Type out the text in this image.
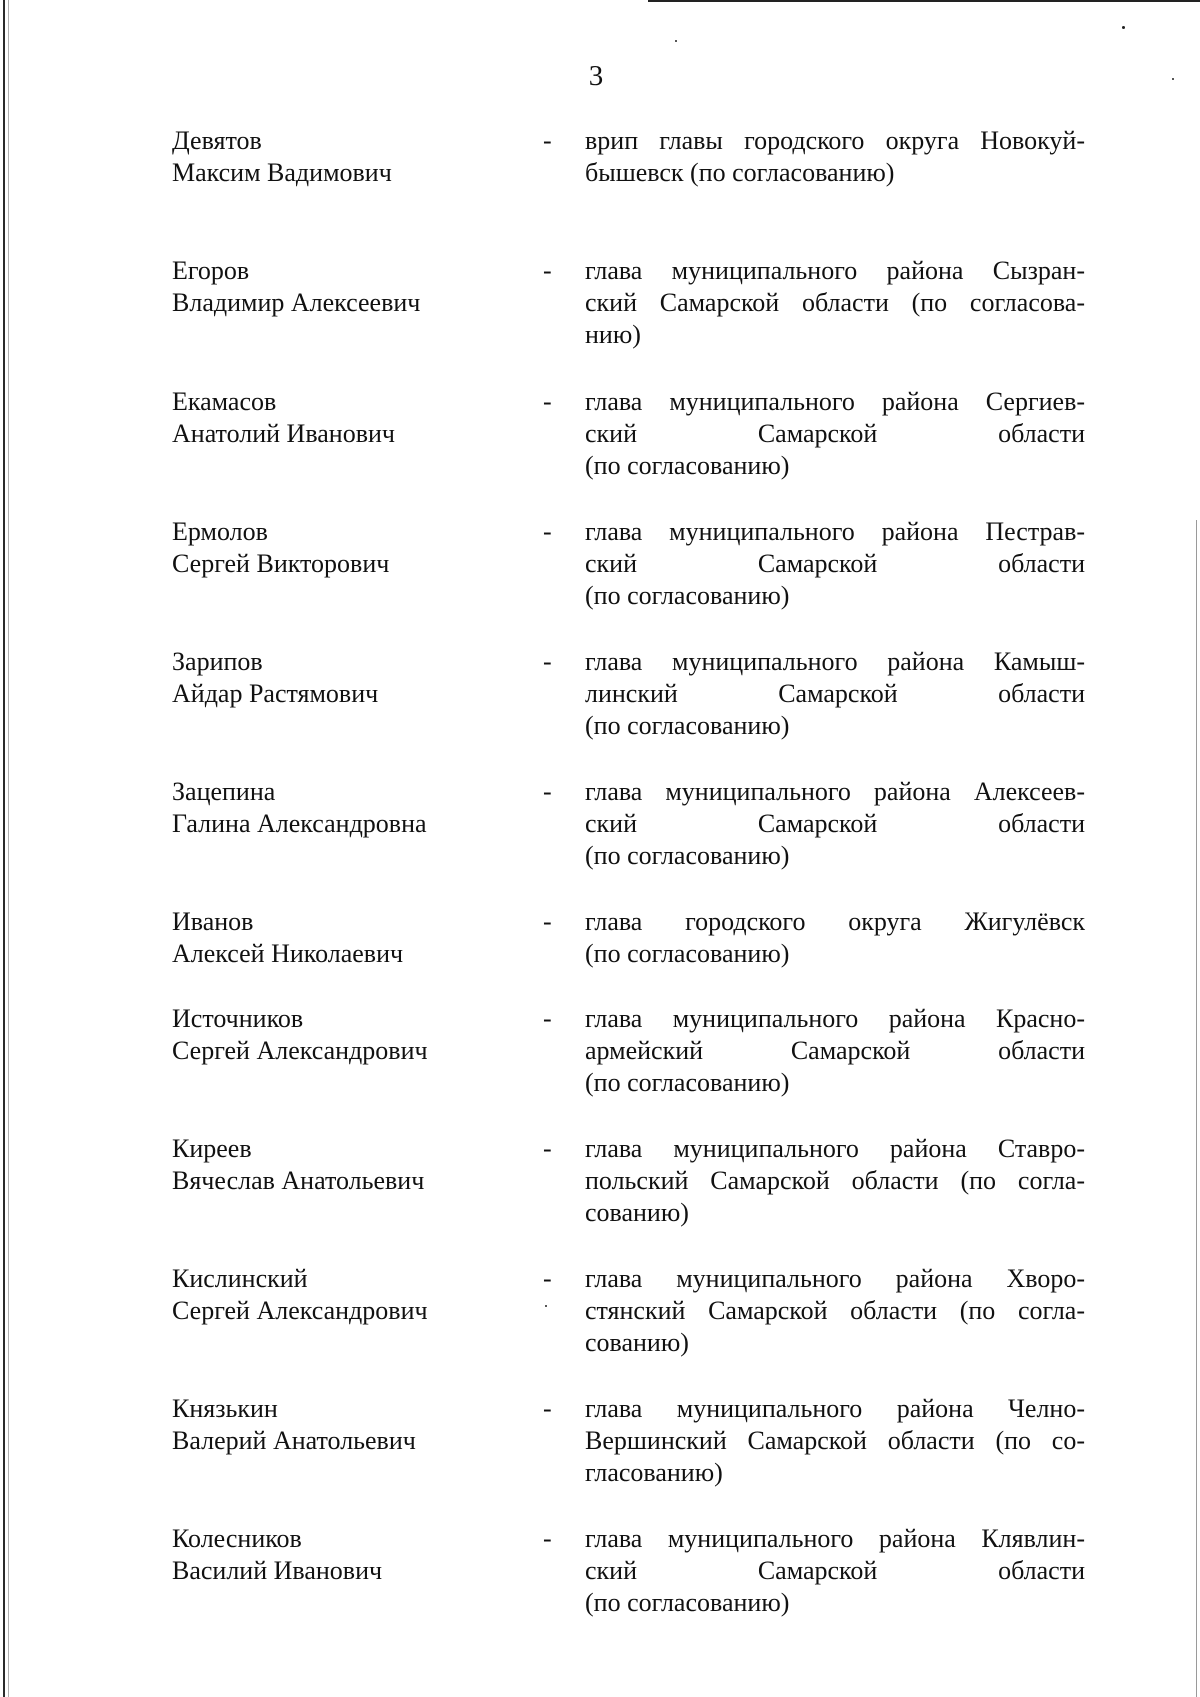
3
Девятов
Максим Вадимович
- врип главы городского округа Новокуй-
бышевск (по согласованию)
Егоров
Владимир Алексеевич
- глава муниципального района Сызран-
ский Самарской области (по согласова-
нию)
Екамасов
Анатолий Иванович
- глава муниципального района Сергиев-
ский Самарской области
(по согласованию)
Ермолов
Сергей Викторович
- глава муниципального района Пестрав-
ский Самарской области
(по согласованию)
Зарипов
Айдар Растямович
- глава муниципального района Камыш-
линский Самарской области
(по согласованию)
Зацепина
Галина Александровна
- глава муниципального района Алексеев-
ский Самарской области
(по согласованию)
Иванов
Алексей Николаевич
- глава городского округа Жигулёвск
(по согласованию)
Источников
Сергей Александрович
- глава муниципального района Красно-
армейский Самарской области
(по согласованию)
Киреев
Вячеслав Анатольевич
- глава муниципального района Ставро-
польский Самарской области (по согла-
сованию)
Кислинский
Сергей Александрович
- глава муниципального района Хворо-
стянский Самарской области (по согла-
сованию)
Князькин
Валерий Анатольевич
- глава муниципального района Челно-
Вершинский Самарской области (по со-
гласованию)
Колесников
Василий Иванович
- глава муниципального района Клявлин-
ский Самарской области
(по согласованию)
